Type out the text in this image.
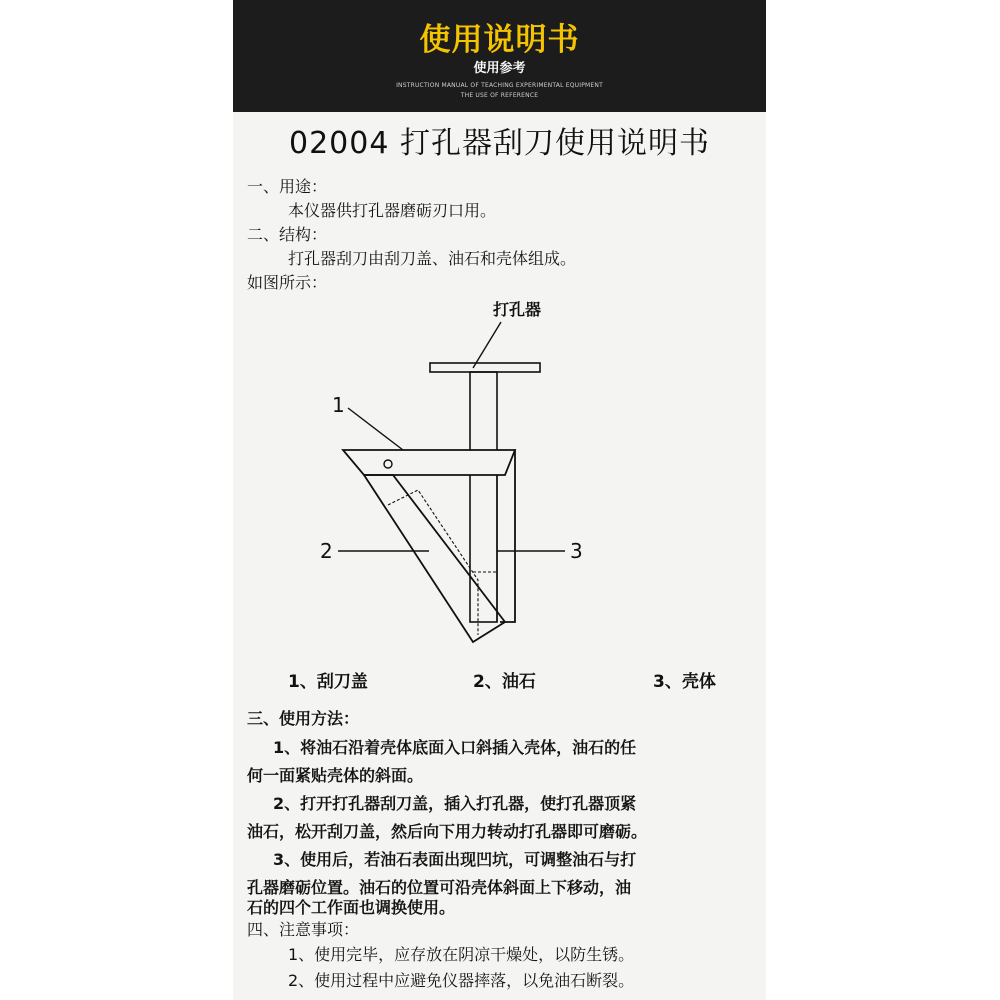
使用说明书
使用参考
INSTRUCTION MANUAL OF TEACHING EXPERIMENTAL EQUIPMENT
THE USE OF REFERENCE
02004 打孔器刮刀使用说明书
一、用途：
本仪器供打孔器磨砺刃口用。
二、结构：
打孔器刮刀由刮刀盖、油石和壳体组成。
如图所示：
打孔器
1
2	3
1、刮刀盖	2、油石	3、壳体
三、使用方法：
1、将油石沿着壳体底面入口斜插入壳体，油石的任
何一面紧贴壳体的斜面。
2、打开打孔器刮刀盖，插入打孔器，使打孔器顶紧
油石，松开刮刀盖，然后向下用力转动打孔器即可磨砺。
3、使用后，若油石表面出现凹坑，可调整油石与打
孔器磨砺位置。油石的位置可沿壳体斜面上下移动，油
石的四个工作面也调换使用。
四、注意事项：
1、使用完毕，应存放在阴凉干燥处，以防生锈。
2、使用过程中应避免仪器摔落，以免油石断裂。
